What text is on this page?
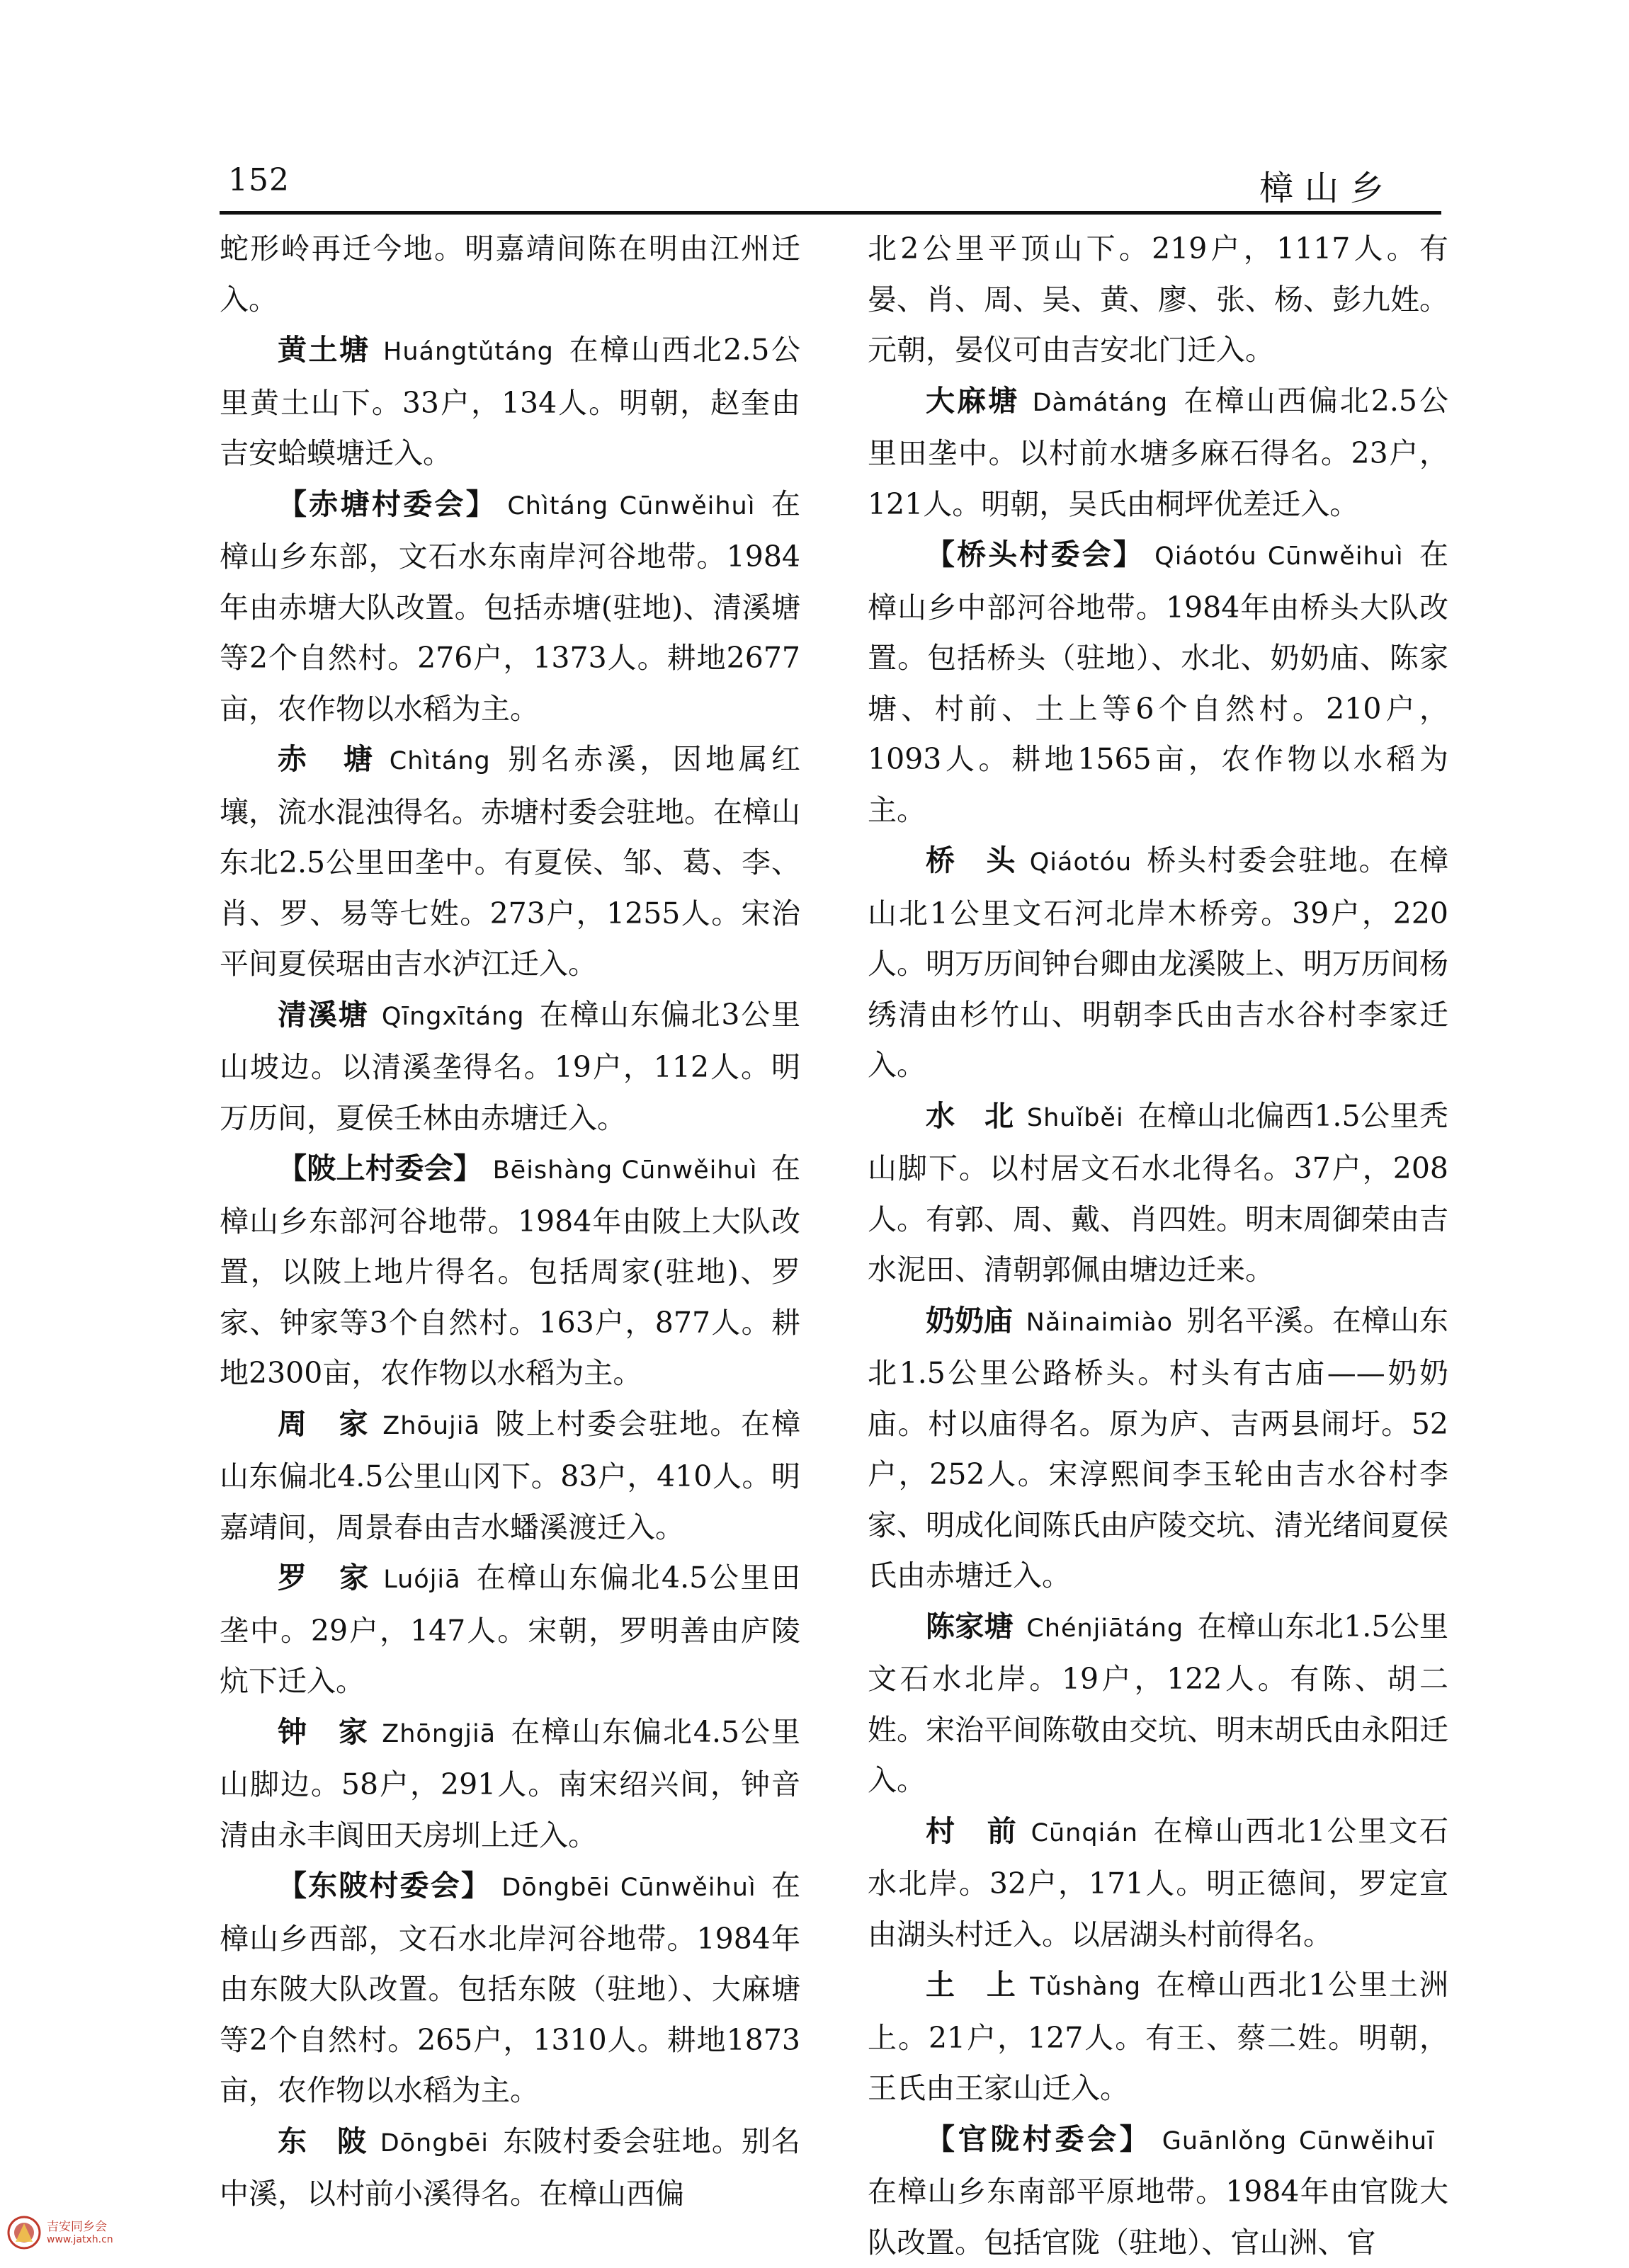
152	樟山乡

蛇形岭再迁今地。明嘉靖间陈在明由江州迁入。

黄土塘 Huángtǔtáng 在樟山西北2.5公里黄土山下。33户，134人。明朝，赵奎由吉安蛤蟆塘迁入。

【赤塘村委会】 Chìtáng Cūnwěihuì 在樟山乡东部，文石水东南岸河谷地带。1984年由赤塘大队改置。包括赤塘(驻地)、清溪塘等2个自然村。276户，1373人。耕地2677亩，农作物以水稻为主。

赤　塘 Chìtáng 别名赤溪，因地属红壤，流水混浊得名。赤塘村委会驻地。在樟山东北2.5公里田垄中。有夏侯、邹、葛、李、肖、罗、易等七姓。273户，1255人。宋治平间夏侯琚由吉水泸江迁入。

清溪塘 Qīngxītáng 在樟山东偏北3公里山坡边。以清溪垄得名。19户，112人。明万历间，夏侯壬林由赤塘迁入。

【陂上村委会】 Bēishàng Cūnwěihuì 在樟山乡东部河谷地带。1984年由陂上大队改置，以陂上地片得名。包括周家(驻地)、罗家、钟家等3个自然村。163户，877人。耕地2300亩，农作物以水稻为主。

周　家 Zhōujiā 陂上村委会驻地。在樟山东偏北4.5公里山冈下。83户，410人。明嘉靖间，周景春由吉水蟠溪渡迁入。

罗　家 Luójiā 在樟山东偏北4.5公里田垄中。29户，147人。宋朝，罗明善由庐陵炕下迁入。

钟　家 Zhōngjiā 在樟山东偏北4.5公里山脚边。58户，291人。南宋绍兴间，钟音清由永丰阆田天房圳上迁入。

【东陂村委会】 Dōngbēi Cūnwěihuì 在樟山乡西部，文石水北岸河谷地带。1984年由东陂大队改置。包括东陂（驻地）、大麻塘等2个自然村。265户，1310人。耕地1873亩，农作物以水稻为主。

东　陂 Dōngbēi 东陂村委会驻地。别名中溪，以村前小溪得名。在樟山西偏

北2公里平顶山下。219户，1117人。有晏、肖、周、吴、黄、廖、张、杨、彭九姓。元朝，晏仪可由吉安北门迁入。

大麻塘 Dàmátáng 在樟山西偏北2.5公里田垄中。以村前水塘多麻石得名。23户，121人。明朝，吴氏由桐坪优差迁入。

【桥头村委会】 Qiáotóu Cūnwěihuì 在樟山乡中部河谷地带。1984年由桥头大队改置。包括桥头（驻地）、水北、奶奶庙、陈家塘、村前、土上等6个自然村。210户，1093人。耕地1565亩，农作物以水稻为主。

桥　头 Qiáotóu 桥头村委会驻地。在樟山北1公里文石河北岸木桥旁。39户，220人。明万历间钟台卿由龙溪陂上、明万历间杨绣清由杉竹山、明朝李氏由吉水谷村李家迁入。

水　北 Shuǐběi 在樟山北偏西1.5公里秃山脚下。以村居文石水北得名。37户，208人。有郭、周、戴、肖四姓。明末周御荣由吉水泥田、清朝郭佩由塘边迁来。

奶奶庙 Nǎinaimiào 别名平溪。在樟山东北1.5公里公路桥头。村头有古庙——奶奶庙。村以庙得名。原为庐、吉两县闹圩。52户，252人。宋淳熙间李玉轮由吉水谷村李家、明成化间陈氏由庐陵交坑、清光绪间夏侯氏由赤塘迁入。

陈家塘 Chénjiātáng 在樟山东北1.5公里文石水北岸。19户，122人。有陈、胡二姓。宋治平间陈敬由交坑、明末胡氏由永阳迁入。

村　前 Cūnqián 在樟山西北1公里文石水北岸。32户，171人。明正德间，罗定宣由湖头村迁入。以居湖头村前得名。

土　上 Tǔshàng 在樟山西北1公里土洲上。21户，127人。有王、蔡二姓。明朝，王氏由王家山迁入。

【官陇村委会】 Guānlǒng Cūnwěihuī在樟山乡东南部平原地带。1984年由官陇大队改置。包括官陇（驻地）、官山洲、官

吉安同乡会
www.jatxh.cn
